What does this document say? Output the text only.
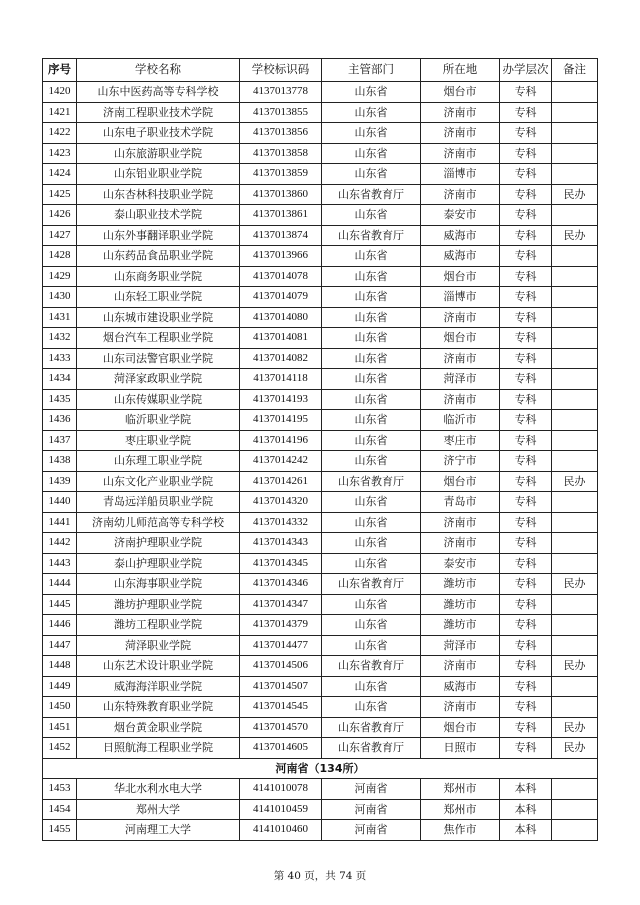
序号	学校名称	学校标识码	主管部门	所在地	办学层次	备注
1420	山东中医药高等专科学校	4137013778	山东省	烟台市	专科	
1421	济南工程职业技术学院	4137013855	山东省	济南市	专科	
1422	山东电子职业技术学院	4137013856	山东省	济南市	专科	
1423	山东旅游职业学院	4137013858	山东省	济南市	专科	
1424	山东铝业职业学院	4137013859	山东省	淄博市	专科	
1425	山东杏林科技职业学院	4137013860	山东省教育厅	济南市	专科	民办
1426	泰山职业技术学院	4137013861	山东省	泰安市	专科	
1427	山东外事翻译职业学院	4137013874	山东省教育厅	威海市	专科	民办
1428	山东药品食品职业学院	4137013966	山东省	威海市	专科	
1429	山东商务职业学院	4137014078	山东省	烟台市	专科	
1430	山东轻工职业学院	4137014079	山东省	淄博市	专科	
1431	山东城市建设职业学院	4137014080	山东省	济南市	专科	
1432	烟台汽车工程职业学院	4137014081	山东省	烟台市	专科	
1433	山东司法警官职业学院	4137014082	山东省	济南市	专科	
1434	菏泽家政职业学院	4137014118	山东省	菏泽市	专科	
1435	山东传媒职业学院	4137014193	山东省	济南市	专科	
1436	临沂职业学院	4137014195	山东省	临沂市	专科	
1437	枣庄职业学院	4137014196	山东省	枣庄市	专科	
1438	山东理工职业学院	4137014242	山东省	济宁市	专科	
1439	山东文化产业职业学院	4137014261	山东省教育厅	烟台市	专科	民办
1440	青岛远洋船员职业学院	4137014320	山东省	青岛市	专科	
1441	济南幼儿师范高等专科学校	4137014332	山东省	济南市	专科	
1442	济南护理职业学院	4137014343	山东省	济南市	专科	
1443	泰山护理职业学院	4137014345	山东省	泰安市	专科	
1444	山东海事职业学院	4137014346	山东省教育厅	潍坊市	专科	民办
1445	潍坊护理职业学院	4137014347	山东省	潍坊市	专科	
1446	潍坊工程职业学院	4137014379	山东省	潍坊市	专科	
1447	菏泽职业学院	4137014477	山东省	菏泽市	专科	
1448	山东艺术设计职业学院	4137014506	山东省教育厅	济南市	专科	民办
1449	威海海洋职业学院	4137014507	山东省	威海市	专科	
1450	山东特殊教育职业学院	4137014545	山东省	济南市	专科	
1451	烟台黄金职业学院	4137014570	山东省教育厅	烟台市	专科	民办
1452	日照航海工程职业学院	4137014605	山东省教育厅	日照市	专科	民办
河南省（134所）						
1453	华北水利水电大学	4141010078	河南省	郑州市	本科	
1454	郑州大学	4141010459	河南省	郑州市	本科	
1455	河南理工大学	4141010460	河南省	焦作市	本科	
第 40 页，共 74 页
